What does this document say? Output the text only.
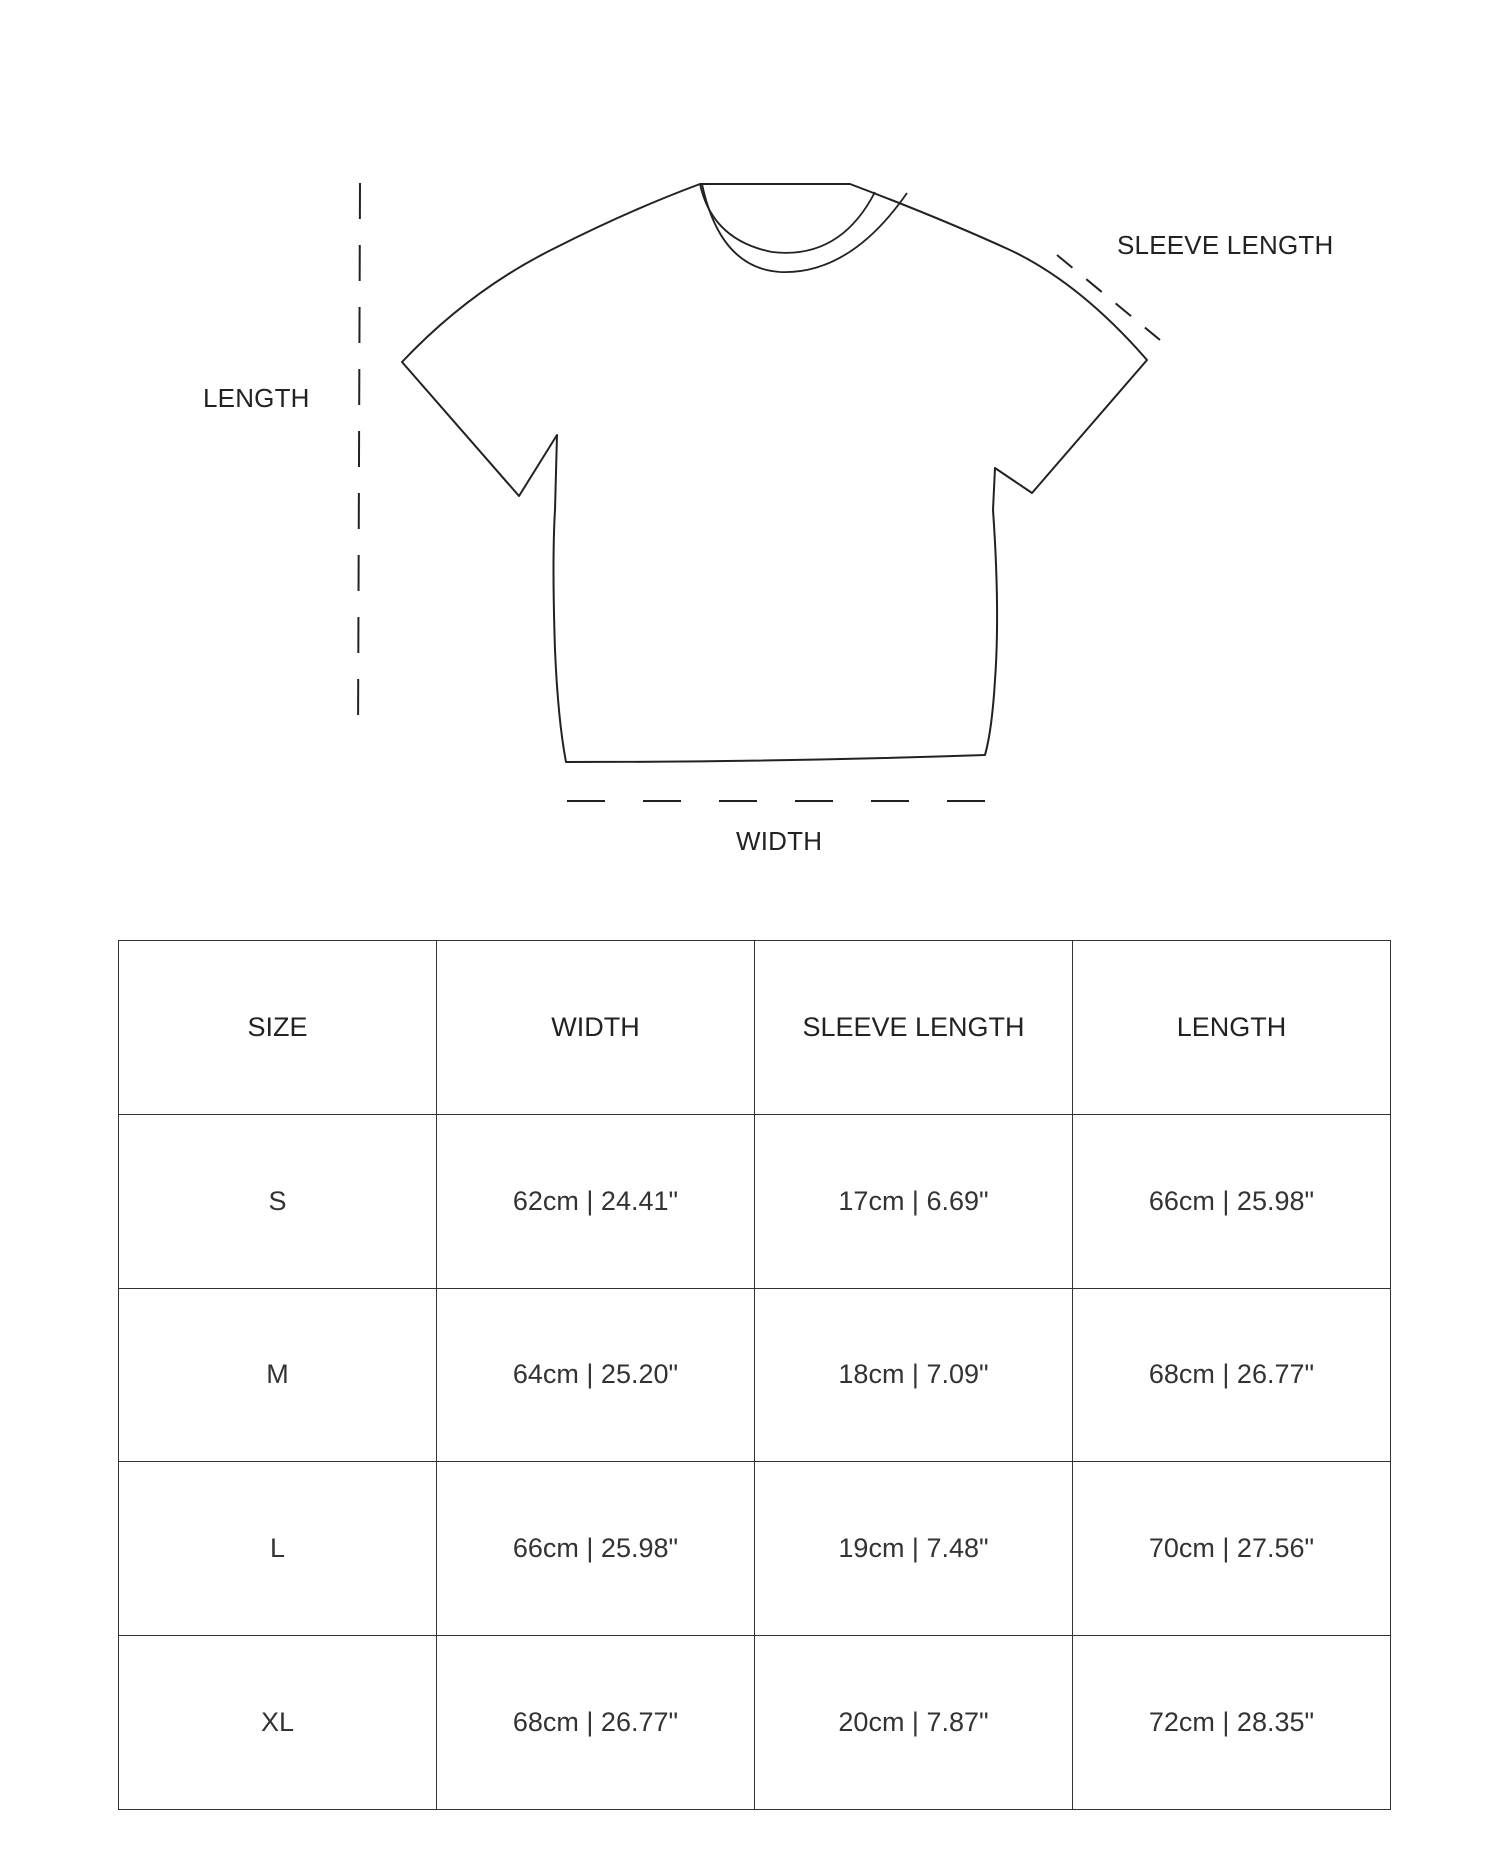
LENGTH
SLEEVE LENGTH
WIDTH
SIZE	WIDTH	SLEEVE LENGTH	LENGTH
S	62cm | 24.41"	17cm | 6.69"	66cm | 25.98"
M	64cm | 25.20"	18cm | 7.09"	68cm | 26.77"
L	66cm | 25.98"	19cm | 7.48"	70cm | 27.56"
XL	68cm | 26.77"	20cm | 7.87"	72cm | 28.35"
